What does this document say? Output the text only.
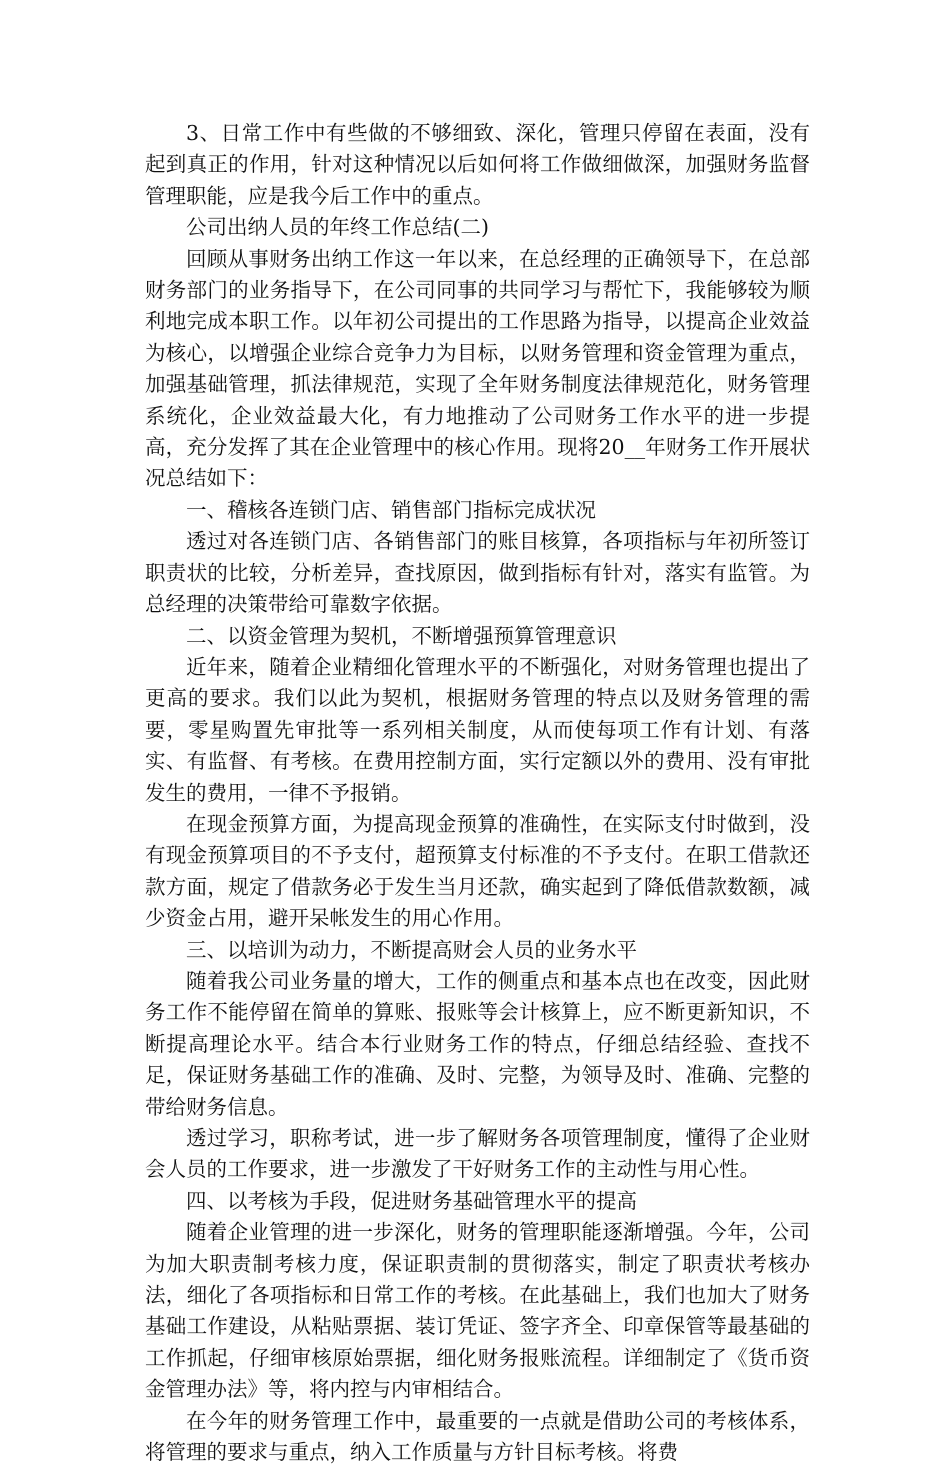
3、日常工作中有些做的不够细致、深化，管理只停留在表面，没有起到真正的作用，针对这种情况以后如何将工作做细做深，加强财务监督管理职能，应是我今后工作中的重点。

公司出纳人员的年终工作总结(二)

回顾从事财务出纳工作这一年以来，在总经理的正确领导下，在总部财务部门的业务指导下，在公司同事的共同学习与帮忙下，我能够较为顺利地完成本职工作。以年初公司提出的工作思路为指导，以提高企业效益为核心，以增强企业综合竞争力为目标，以财务管理和资金管理为重点，加强基础管理，抓法律规范，实现了全年财务制度法律规范化，财务管理系统化，企业效益最大化，有力地推动了公司财务工作水平的进一步提高，充分发挥了其在企业管理中的核心作用。现将20__年财务工作开展状况总结如下：

一、稽核各连锁门店、销售部门指标完成状况

透过对各连锁门店、各销售部门的账目核算，各项指标与年初所签订职责状的比较，分析差异，查找原因，做到指标有针对，落实有监管。为总经理的决策带给可靠数字依据。

二、以资金管理为契机，不断增强预算管理意识

近年来，随着企业精细化管理水平的不断强化，对财务管理也提出了更高的要求。我们以此为契机，根据财务管理的特点以及财务管理的需要，零星购置先审批等一系列相关制度，从而使每项工作有计划、有落实、有监督、有考核。在费用控制方面，实行定额以外的费用、没有审批发生的费用，一律不予报销。

在现金预算方面，为提高现金预算的准确性，在实际支付时做到，没有现金预算项目的不予支付，超预算支付标准的不予支付。在职工借款还款方面，规定了借款务必于发生当月还款，确实起到了降低借款数额，减少资金占用，避开呆帐发生的用心作用。

三、以培训为动力，不断提高财会人员的业务水平

随着我公司业务量的增大，工作的侧重点和基本点也在改变，因此财务工作不能停留在简单的算账、报账等会计核算上，应不断更新知识，不断提高理论水平。结合本行业财务工作的特点，仔细总结经验、查找不足，保证财务基础工作的准确、及时、完整，为领导及时、准确、完整的带给财务信息。

透过学习，职称考试，进一步了解财务各项管理制度，懂得了企业财会人员的工作要求，进一步激发了干好财务工作的主动性与用心性。

四、以考核为手段，促进财务基础管理水平的提高

随着企业管理的进一步深化，财务的管理职能逐渐增强。今年，公司为加大职责制考核力度，保证职责制的贯彻落实，制定了职责状考核办法，细化了各项指标和日常工作的考核。在此基础上，我们也加大了财务基础工作建设，从粘贴票据、装订凭证、签字齐全、印章保管等最基础的工作抓起，仔细审核原始票据，细化财务报账流程。详细制定了《货币资金管理办法》等，将内控与内审相结合。

在今年的财务管理工作中，最重要的一点就是借助公司的考核体系，将管理的要求与重点，纳入工作质量与方针目标考核。将费
